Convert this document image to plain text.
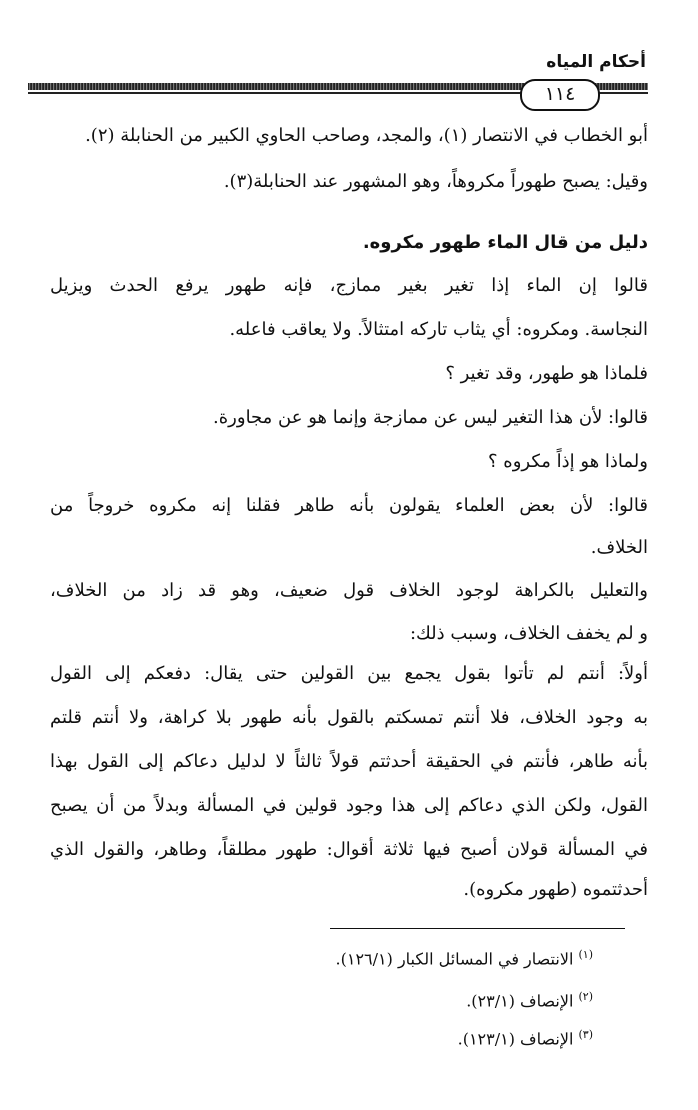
أحكام المياه
١١٤
أبو الخطاب في الانتصار (١)، والمجد، وصاحب الحاوي الكبير من الحنابلة (٢).
وقيل: يصبح طهوراً مكروهاً، وهو المشهور عند الحنابلة(٣).
دليل من قال الماء طهور مكروه.
قالوا إن الماء إذا تغير بغير ممازج، فإنه طهور يرفع الحدث ويزيل
النجاسة. ومكروه: أي يثاب تاركه امتثالاً. ولا يعاقب فاعله.
فلماذا هو طهور، وقد تغير ؟
قالوا: لأن هذا التغير ليس عن ممازجة وإنما هو عن مجاورة.
ولماذا هو إذاً مكروه ؟
قالوا: لأن بعض العلماء يقولون بأنه طاهر فقلنا إنه مكروه خروجاً من
الخلاف.
والتعليل بالكراهة لوجود الخلاف قول ضعيف، وهو قد زاد من الخلاف،
و لم يخفف الخلاف، وسبب ذلك:
أولاً: أنتم لم تأتوا بقول يجمع بين القولين حتى يقال: دفعكم إلى القول
به وجود الخلاف، فلا أنتم تمسكتم بالقول بأنه طهور بلا كراهة، ولا أنتم قلتم
بأنه طاهر، فأنتم في الحقيقة أحدثتم قولاً ثالثاً لا لدليل دعاكم إلى القول بهذا
القول، ولكن الذي دعاكم إلى هذا وجود قولين في المسألة وبدلاً من أن يصبح
في المسألة قولان أصبح فيها ثلاثة أقوال: طهور مطلقاً، وطاهر، والقول الذي
أحدثتموه (طهور مكروه).
$^{(١)}$ الانتصار في المسائل الكبار (١٢٦/١).
$^{(٢)}$ الإنصاف (٢٣/١).
$^{(٣)}$ الإنصاف (١٢٣/١).
